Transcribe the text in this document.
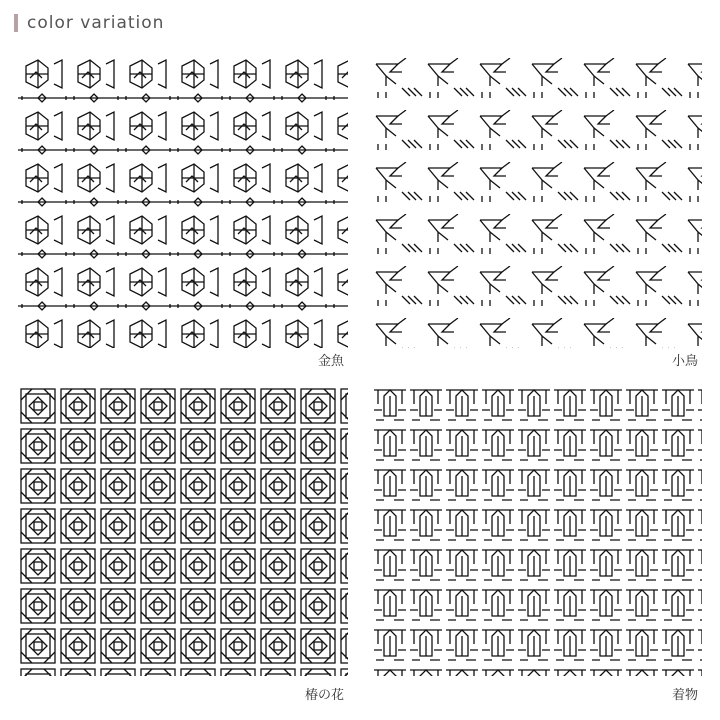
color variation
金魚	小鳥
椿の花	着物
